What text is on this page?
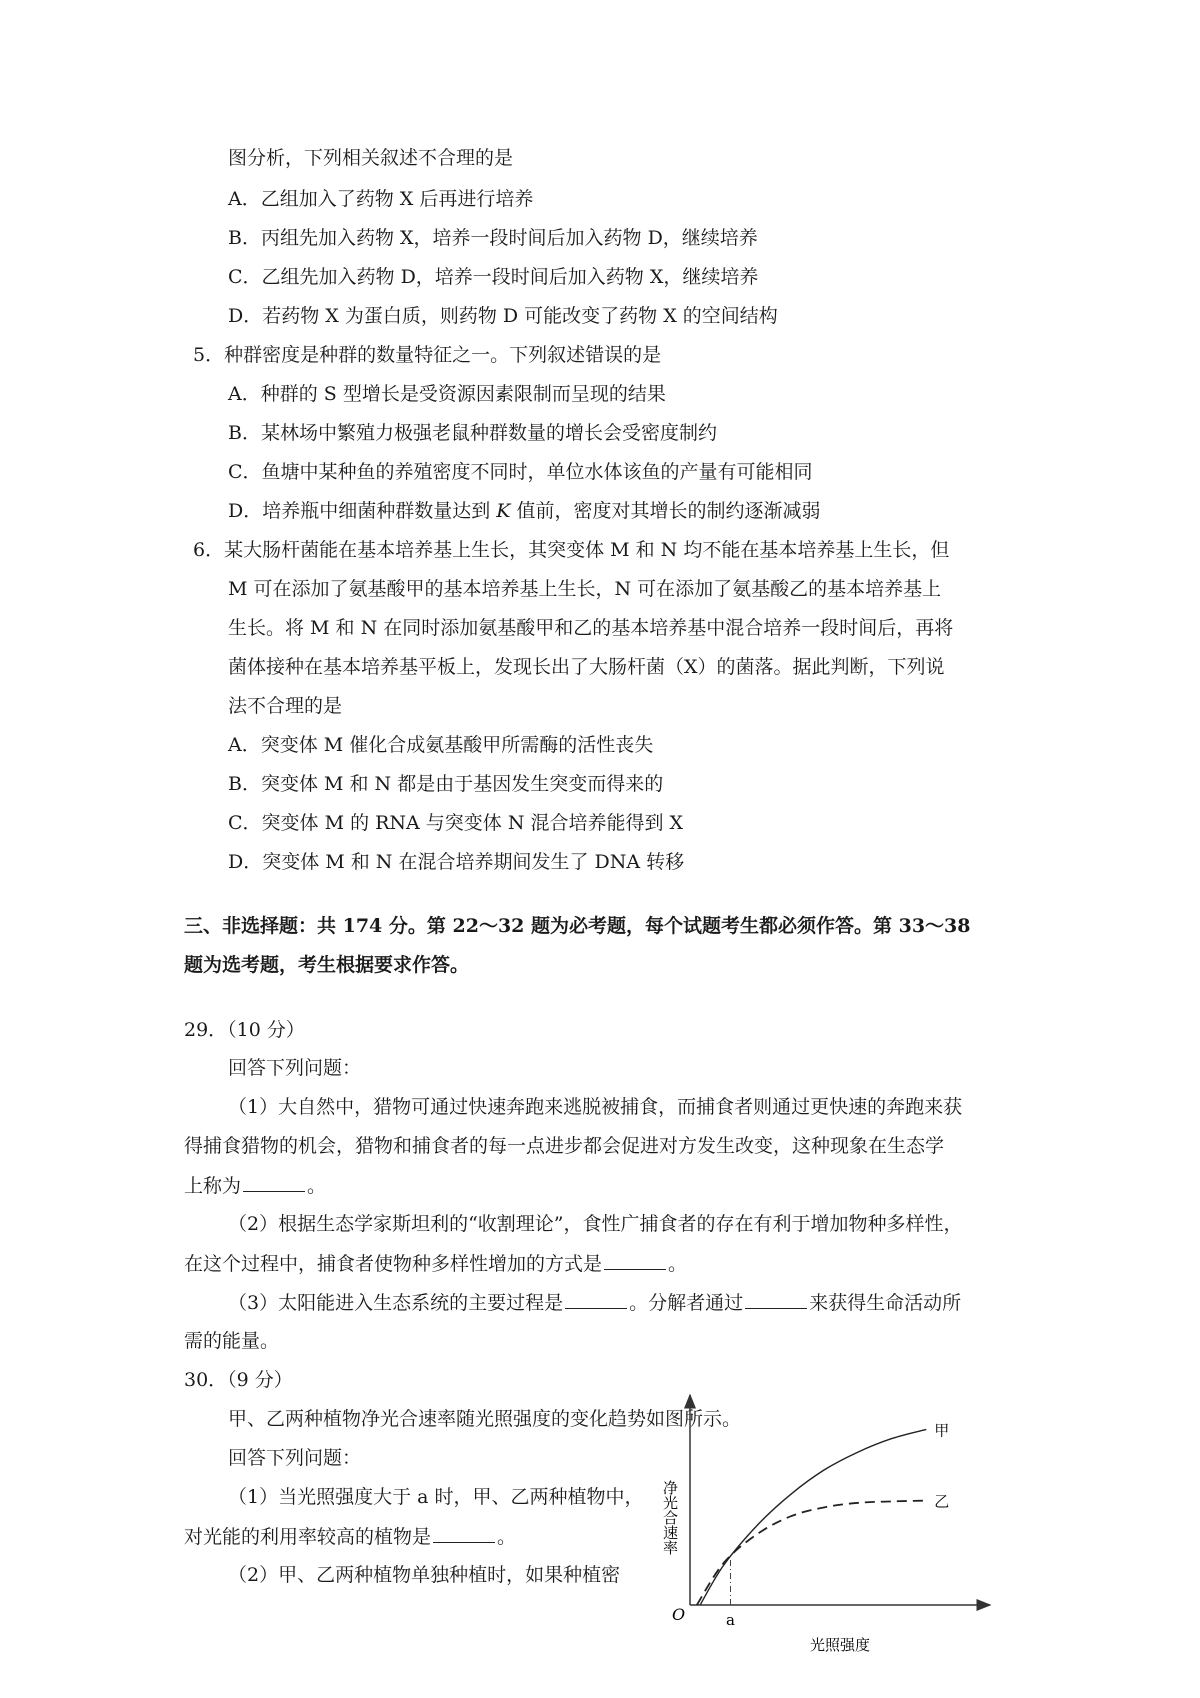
图分析，下列相关叙述不合理的是
A．乙组加入了药物 X 后再进行培养
B．丙组先加入药物 X，培养一段时间后加入药物 D，继续培养
C．乙组先加入药物 D，培养一段时间后加入药物 X，继续培养
D．若药物 X 为蛋白质，则药物 D 可能改变了药物 X 的空间结构
5．种群密度是种群的数量特征之一。下列叙述错误的是
A．种群的 S 型增长是受资源因素限制而呈现的结果
B．某林场中繁殖力极强老鼠种群数量的增长会受密度制约
C．鱼塘中某种鱼的养殖密度不同时，单位水体该鱼的产量有可能相同
D．培养瓶中细菌种群数量达到 K 值前，密度对其增长的制约逐渐减弱
6．某大肠杆菌能在基本培养基上生长，其突变体 M 和 N 均不能在基本培养基上生长，但
M 可在添加了氨基酸甲的基本培养基上生长，N 可在添加了氨基酸乙的基本培养基上
生长。将 M 和 N 在同时添加氨基酸甲和乙的基本培养基中混合培养一段时间后，再将
菌体接种在基本培养基平板上，发现长出了大肠杆菌（X）的菌落。据此判断，下列说
法不合理的是
A．突变体 M 催化合成氨基酸甲所需酶的活性丧失
B．突变体 M 和 N 都是由于基因发生突变而得来的
C．突变体 M 的 RNA 与突变体 N 混合培养能得到 X
D．突变体 M 和 N 在混合培养期间发生了 DNA 转移
三、非选择题：共 174 分。第 22～32 题为必考题，每个试题考生都必须作答。第 33～38
题为选考题，考生根据要求作答。
29．（10 分）
回答下列问题：
（1）大自然中，猎物可通过快速奔跑来逃脱被捕食，而捕食者则通过更快速的奔跑来获
得捕食猎物的机会，猎物和捕食者的每一点进步都会促进对方发生改变，这种现象在生态学
上称为	。
（2）根据生态学家斯坦利的“收割理论”，食性广捕食者的存在有利于增加物种多样性，
在这个过程中，捕食者使物种多样性增加的方式是	。
（3）太阳能进入生态系统的主要过程是	。分解者通过	来获得生命活动所
需的能量。
30．（9 分）
甲、乙两种植物净光合速率随光照强度的变化趋势如图所示。
回答下列问题：
（1）当光照强度大于 a 时，甲、乙两种植物中，
对光能的利用率较高的植物是	。
（2）甲、乙两种植物单独种植时，如果种植密
O	a
光照强度
净光合速率
甲
乙
